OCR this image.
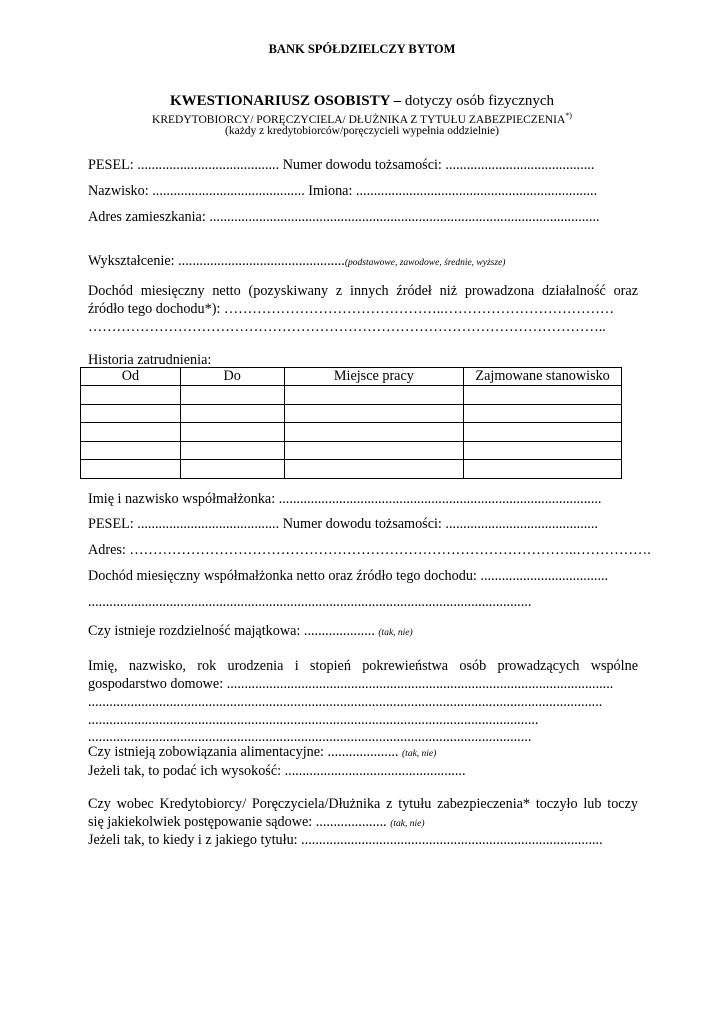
BANK SPÓŁDZIELCZY BYTOM
KWESTIONARIUSZ OSOBISTY – dotyczy osób fizycznych
KREDYTOBIORCY/ PORĘCZYCIELA/ DŁUŻNIKA Z TYTUŁU ZABEZPIECZENIA*)
(każdy z kredytobiorców/poręczycieli wypełnia oddzielnie)
PESEL: ........................................ Numer dowodu tożsamości: ..........................................
Nazwisko: ........................................... Imiona: ....................................................................
Adres zamieszkania: ..............................................................................................................
Wykształcenie: ...............................................(podstawowe, zawodowe, średnie, wyższe)
Dochód miesięczny netto (pozyskiwany z innych źródeł niż prowadzona działalność oraz
źródło tego dochodu*): ………………………………………..………………………………
………………………………………………………………………………………………..
Historia zatrudnienia:
Od	Do	Miejsce pracy	Zajmowane stanowisko

Imię i nazwisko współmałżonka: ...........................................................................................
PESEL: ........................................ Numer dowodu tożsamości: ...........................................
Adres: …………………………………………………………………………………..…………….
Dochód miesięczny współmałżonka netto oraz źródło tego dochodu: ....................................
.............................................................................................................................
Czy istnieje rozdzielność majątkowa: .................... (tak, nie)
Imię, nazwisko, rok urodzenia i stopień pokrewieństwa osób prowadzących wspólne
gospodarstwo domowe: .............................................................................................................
.................................................................................................................................................
...............................................................................................................................
.............................................................................................................................
Czy istnieją zobowiązania alimentacyjne: .................... (tak, nie)
Jeżeli tak, to podać ich wysokość: ...................................................
Czy wobec Kredytobiorcy/ Poręczyciela/Dłużnika z tytułu zabezpieczenia* toczyło lub toczy
się jakiekolwiek postępowanie sądowe: .................... (tak, nie)
Jeżeli tak, to kiedy i z jakiego tytułu: .....................................................................................
